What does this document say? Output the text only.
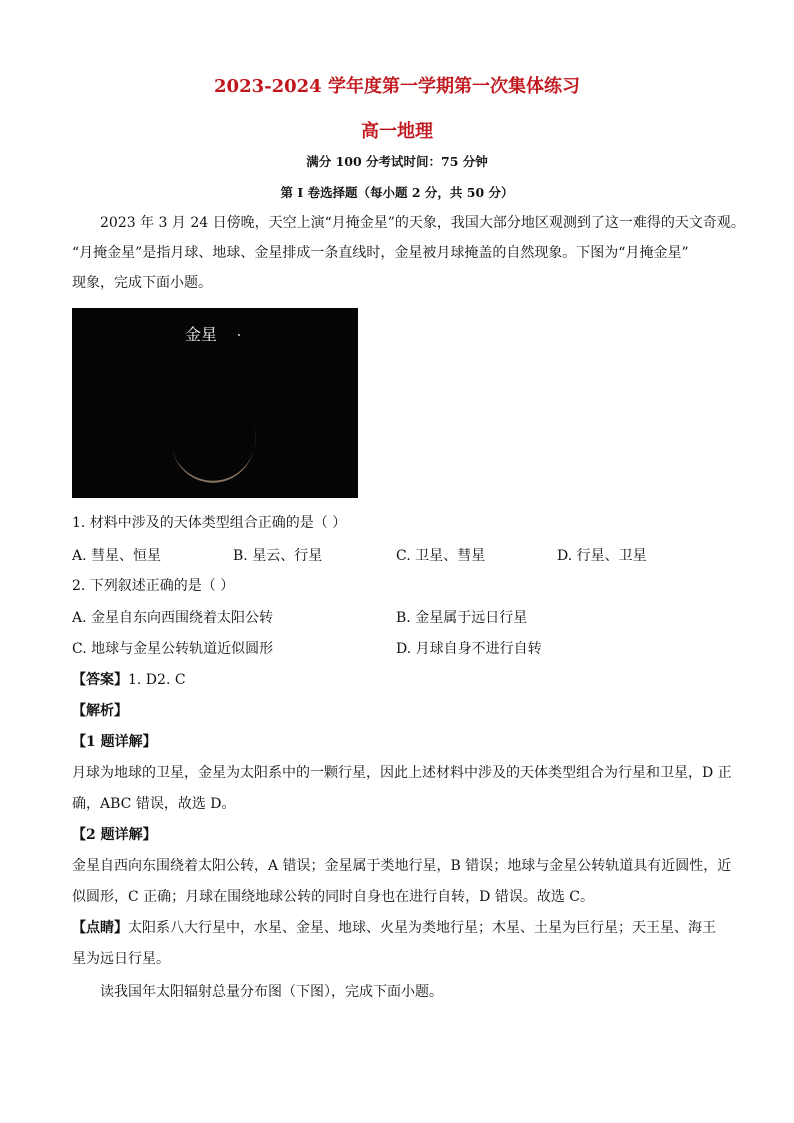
2023-2024 学年度第一学期第一次集体练习
高一地理
满分 100 分考试时间：75 分钟
第 I 卷选择题（每小题 2 分，共 50 分）
2023 年 3 月 24 日傍晚，天空上演“月掩金星”的天象，我国大部分地区观测到了这一难得的天文奇观。
“月掩金星”是指月球、地球、金星排成一条直线时，金星被月球掩盖的自然现象。下图为“月掩金星”
现象，完成下面小题。
金星
1. 材料中涉及的天体类型组合正确的是（ ）
A. 彗星、恒星	B. 星云、行星	C. 卫星、彗星	D. 行星、卫星
2. 下列叙述正确的是（ ）
A. 金星自东向西围绕着太阳公转	B. 金星属于远日行星
C. 地球与金星公转轨道近似圆形	D. 月球自身不进行自转
【答案】1. D2. C
【解析】
【1 题详解】
月球为地球的卫星，金星为太阳系中的一颗行星，因此上述材料中涉及的天体类型组合为行星和卫星，D 正
确，ABC 错误，故选 D。
【2 题详解】
金星自西向东围绕着太阳公转，A 错误；金星属于类地行星，B 错误；地球与金星公转轨道具有近圆性，近
似圆形，C 正确；月球在围绕地球公转的同时自身也在进行自转，D 错误。故选 C。
【点睛】太阳系八大行星中，水星、金星、地球、火星为类地行星；木星、土星为巨行星；天王星、海王
星为远日行星。
读我国年太阳辐射总量分布图（下图），完成下面小题。
